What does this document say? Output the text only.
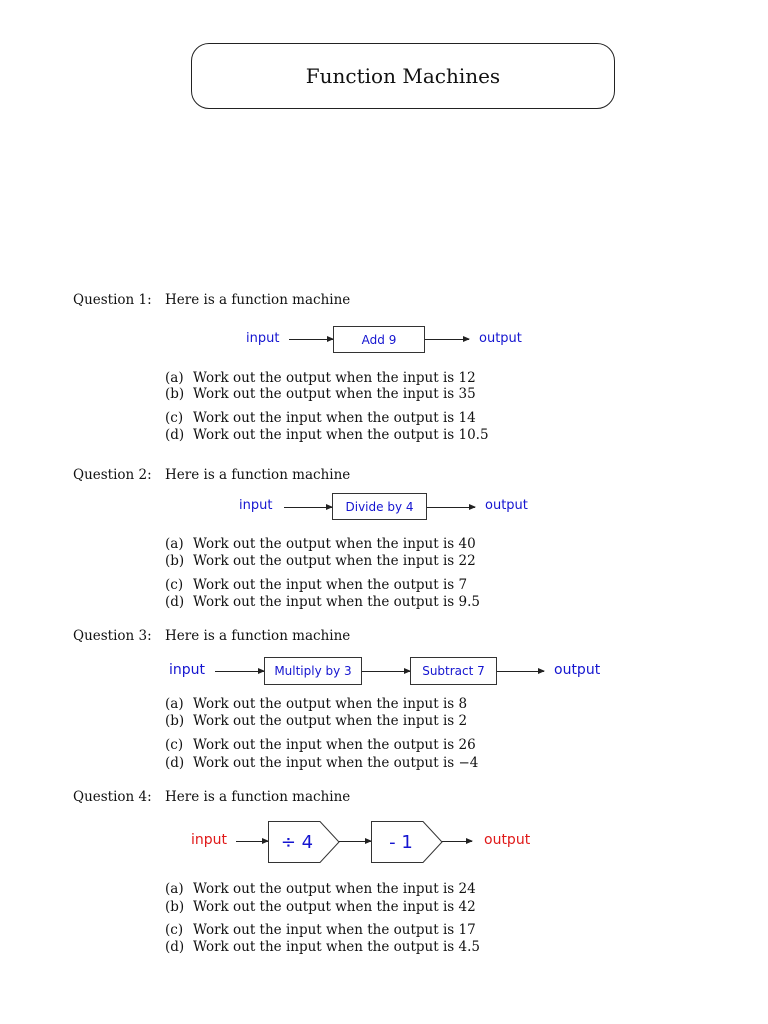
Function Machines
Question 1: Here is a function machine
input	Add 9	output
(a) Work out the output when the input is 12
(b) Work out the output when the input is 35
(c) Work out the input when the output is 14
(d) Work out the input when the output is 10.5
Question 2: Here is a function machine
input	Divide by 4	output
(a) Work out the output when the input is 40
(b) Work out the output when the input is 22
(c) Work out the input when the output is 7
(d) Work out the input when the output is 9.5
Question 3: Here is a function machine
input	Multiply by 3	Subtract 7	output
(a) Work out the output when the input is 8
(b) Work out the output when the input is 2
(c) Work out the input when the output is 26
(d) Work out the input when the output is −4
Question 4: Here is a function machine
input	÷ 4	- 1	output
(a) Work out the output when the input is 24
(b) Work out the output when the input is 42
(c) Work out the input when the output is 17
(d) Work out the input when the output is 4.5
